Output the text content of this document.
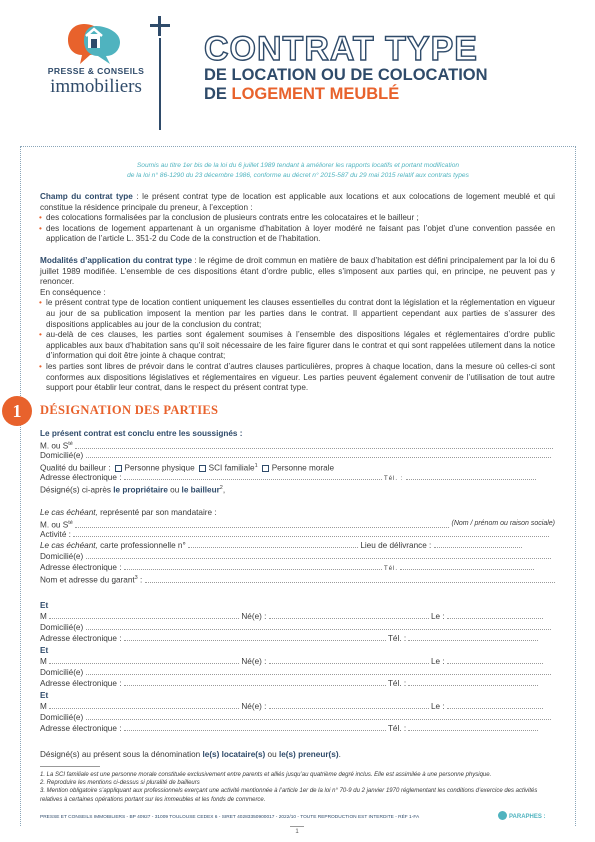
PRESSE & CONSEILS
immobiliers
CONTRAT TYPE
DE LOCATION OU DE COLOCATION
DE LOGEMENT MEUBLÉ
Soumis au titre 1er bis de la loi du 6 juillet 1989 tendant à améliorer les rapports locatifs et portant modification
de la loi n° 86-1290 du 23 décembre 1986, conforme au décret n° 2015-587 du 29 mai 2015 relatif aux contrats types
Champ du contrat type : le présent contrat type de location est applicable aux locations et aux colocations de logement meublé et qui constitue la résidence principale du preneur, à l’exception :
• des colocations formalisées par la conclusion de plusieurs contrats entre les colocataires et le bailleur ;
• des locations de logement appartenant à un organisme d’habitation à loyer modéré ne faisant pas l’objet d’une convention passée en application de l’article L. 351-2 du Code de la construction et de l’habitation.
Modalités d’application du contrat type : le régime de droit commun en matière de baux d’habitation est défini principalement par la loi du 6 juillet 1989 modifiée. L’ensemble de ces dispositions étant d’ordre public, elles s’imposent aux parties qui, en principe, ne peuvent pas y renoncer.
En conséquence :
• le présent contrat type de location contient uniquement les clauses essentielles du contrat dont la législation et la réglementation en vigueur au jour de sa publication imposent la mention par les parties dans le contrat. Il appartient cependant aux parties de s’assurer des dispositions applicables au jour de la conclusion du contrat;
• au-delà de ces clauses, les parties sont également soumises à l’ensemble des dispositions légales et réglementaires d’ordre public applicables aux baux d’habitation sans qu’il soit nécessaire de les faire figurer dans le contrat et qui sont rappelées utilement dans la notice d’information qui doit être jointe à chaque contrat;
• les parties sont libres de prévoir dans le contrat d’autres clauses particulières, propres à chaque location, dans la mesure où celles-ci sont conformes aux dispositions législatives et réglementaires en vigueur. Les parties peuvent également convenir de l’utilisation de tout autre support pour établir leur contrat, dans le respect du présent contrat type.
1	DÉSIGNATION DES PARTIES
Le présent contrat est conclu entre les soussignés :
M. ou $S^{té}$
Domicilié(e)
Qualité du bailleur : Personne physique SCI familiale$^1$ Personne morale
Adresse électronique :	Tél. :
Désigné(s) ci-après le propriétaire ou le bailleur$^2$,
Le cas échéant, représenté par son mandataire :
M. ou $S^{té}$	(Nom / prénom ou raison sociale)
Activité :
Le cas échéant, carte professionnelle n°	Lieu de délivrance :
Domicilié(e)
Adresse électronique :	Tél.
Nom et adresse du garant$^3$ :
Et
M	Né(e) :	Le :
Domicilié(e)
Adresse électronique :	Tél. :
Et
M	Né(e) :	Le :
Domicilié(e)
Adresse électronique :	Tél. :
Et
M	Né(e) :	Le :
Domicilié(e)
Adresse électronique :	Tél. :
Désigné(s) au présent sous la dénomination le(s) locataire(s) ou le(s) preneur(s).
1. La SCI familiale est une personne morale constituée exclusivement entre parents et alliés jusqu’au quatrième degré inclus. Elle est assimilée à une personne physique.
2. Reproduire les mentions ci-dessus si pluralité de bailleurs
3. Mention obligatoire s’appliquant aux professionnels exerçant une activité mentionnée à l’article 1er de la loi n° 70-9 du 2 janvier 1970 réglementant les conditions d’exercice des activités relatives à certaines opérations portant sur les immeubles et les fonds de commerce.
PRESSE ET CONSEILS IMMOBILIERS - BP 40927 - 31009 TOULOUSE CEDEX 6 - SIRET 40283350900017 - 2022/10 - TOUTE REPRODUCTION EST INTERDITE - RÉF 1-FA	PARAPHES :
1
